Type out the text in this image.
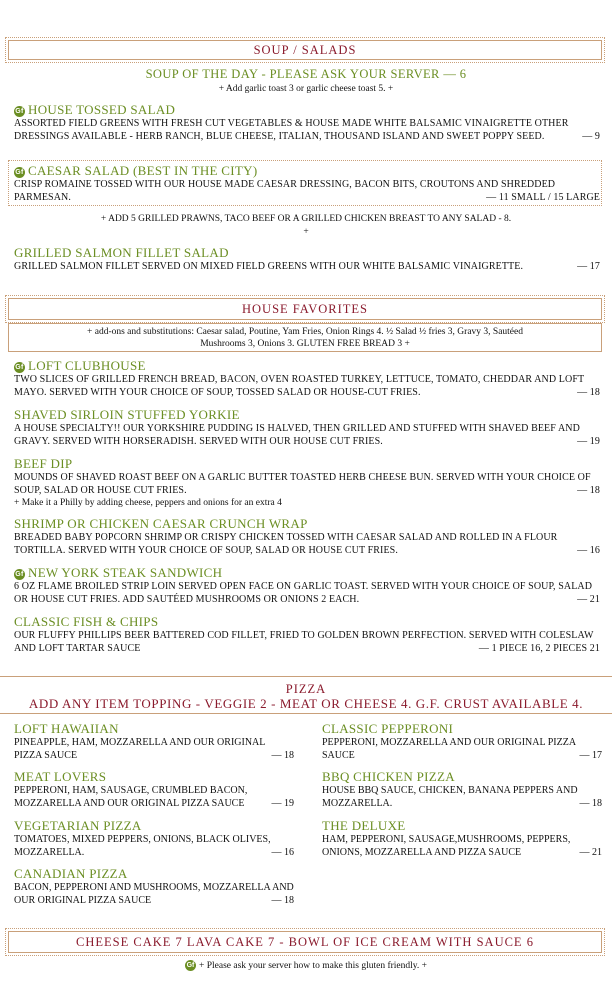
SOUP / SALADS
SOUP OF THE DAY - PLEASE ASK YOUR SERVER — 6
+ Add garlic toast 3 or garlic cheese toast 5. +
Gf HOUSE TOSSED SALAD
ASSORTED FIELD GREENS WITH FRESH CUT VEGETABLES & HOUSE MADE WHITE BALSAMIC VINAIGRETTE OTHER DRESSINGS AVAILABLE - HERB RANCH, BLUE CHEESE, ITALIAN, THOUSAND ISLAND AND SWEET POPPY SEED.	— 9
Gf CAESAR SALAD (BEST IN THE CITY)
CRISP ROMAINE TOSSED WITH OUR HOUSE MADE CAESAR DRESSING, BACON BITS, CROUTONS AND SHREDDED PARMESAN.	— 11 SMALL / 15 LARGE
+ ADD 5 GRILLED PRAWNS, TACO BEEF OR A GRILLED CHICKEN BREAST TO ANY SALAD - 8.
+
GRILLED SALMON FILLET SALAD
GRILLED SALMON FILLET SERVED ON MIXED FIELD GREENS WITH OUR WHITE BALSAMIC VINAIGRETTE.	— 17
HOUSE FAVORITES
+ add-ons and substitutions: Caesar salad, Poutine, Yam Fries, Onion Rings 4. ½ Salad ½ fries 3, Gravy 3, Sautéed
Mushrooms 3, Onions 3. GLUTEN FREE BREAD 3 +
Gf LOFT CLUBHOUSE
TWO SLICES OF GRILLED FRENCH BREAD, BACON, OVEN ROASTED TURKEY, LETTUCE, TOMATO, CHEDDAR AND LOFT MAYO. SERVED WITH YOUR CHOICE OF SOUP, TOSSED SALAD OR HOUSE-CUT FRIES.	— 18
SHAVED SIRLOIN STUFFED YORKIE
A HOUSE SPECIALTY!! OUR YORKSHIRE PUDDING IS HALVED, THEN GRILLED AND STUFFED WITH SHAVED BEEF AND GRAVY. SERVED WITH HORSERADISH. SERVED WITH OUR HOUSE CUT FRIES.	— 19
BEEF DIP
MOUNDS OF SHAVED ROAST BEEF ON A GARLIC BUTTER TOASTED HERB CHEESE BUN. SERVED WITH YOUR CHOICE OF SOUP, SALAD OR HOUSE CUT FRIES.	— 18
+ Make it a Philly by adding cheese, peppers and onions for an extra 4
SHRIMP OR CHICKEN CAESAR CRUNCH WRAP
BREADED BABY POPCORN SHRIMP OR CRISPY CHICKEN TOSSED WITH CAESAR SALAD AND ROLLED IN A FLOUR TORTILLA. SERVED WITH YOUR CHOICE OF SOUP, SALAD OR HOUSE CUT FRIES.	— 16
Gf NEW YORK STEAK SANDWICH
6 OZ FLAME BROILED STRIP LOIN SERVED OPEN FACE ON GARLIC TOAST. SERVED WITH YOUR CHOICE OF SOUP, SALAD OR HOUSE CUT FRIES. ADD SAUTÉED MUSHROOMS OR ONIONS 2 EACH.	— 21
CLASSIC FISH & CHIPS
OUR FLUFFY PHILLIPS BEER BATTERED COD FILLET, FRIED TO GOLDEN BROWN PERFECTION. SERVED WITH COLESLAW AND LOFT TARTAR SAUCE	— 1 PIECE 16, 2 PIECES 21
PIZZA
ADD ANY ITEM TOPPING - VEGGIE 2 - MEAT OR CHEESE 4. G.F. CRUST AVAILABLE 4.
LOFT HAWAIIAN
PINEAPPLE, HAM, MOZZARELLA AND OUR ORIGINAL PIZZA SAUCE	— 18
MEAT LOVERS
PEPPERONI, HAM, SAUSAGE, CRUMBLED BACON, MOZZARELLA AND OUR ORIGINAL PIZZA SAUCE	— 19
VEGETARIAN PIZZA
TOMATOES, MIXED PEPPERS, ONIONS, BLACK OLIVES, MOZZARELLA.	— 16
CANADIAN PIZZA
BACON, PEPPERONI AND MUSHROOMS, MOZZARELLA AND OUR ORIGINAL PIZZA SAUCE	— 18
CLASSIC PEPPERONI
PEPPERONI, MOZZARELLA AND OUR ORIGINAL PIZZA SAUCE	— 17
BBQ CHICKEN PIZZA
HOUSE BBQ SAUCE, CHICKEN, BANANA PEPPERS AND MOZZARELLA.	— 18
THE DELUXE
HAM, PEPPERONI, SAUSAGE,MUSHROOMS, PEPPERS, ONIONS, MOZZARELLA AND PIZZA SAUCE	— 21
CHEESE CAKE 7 LAVA CAKE 7 - BOWL OF ICE CREAM WITH SAUCE 6
Gf + Please ask your server how to make this gluten friendly. +
